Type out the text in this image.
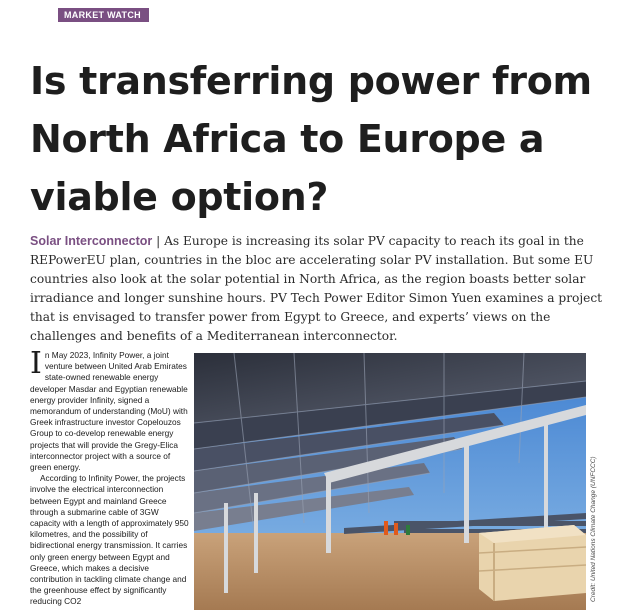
MARKET WATCH
Is transferring power from North Africa to Europe a viable option?

Solar Interconnector | As Europe is increasing its solar PV capacity to reach its goal in the REPowerEU plan, countries in the bloc are accelerating solar PV installation. But some EU countries also look at the solar potential in North Africa, as the region boasts better solar irradiance and longer sunshine hours. PV Tech Power Editor Simon Yuen examines a project that is envisaged to transfer power from Egypt to Greece, and experts’ views on the challenges and benefits of a Mediterranean interconnector.

In May 2023, Infinity Power, a joint venture between United Arab Emirates state-owned renewable energy developer Masdar and Egyptian renewable energy provider Infinity, signed a memorandum of understanding (MoU) with Greek infrastructure investor Copelouzos Group to co-develop renewable energy projects that will provide the Gregy-Elica interconnector project with a source of green energy.

According to Infinity Power, the projects involve the electrical interconnection between Egypt and mainland Greece through a submarine cable of 3GW capacity with a length of approximately 950 kilometres, and the possibility of bidirectional energy transmission. It carries only green energy between Egypt and Greece, which makes a decisive contribution in tackling climate change and the greenhouse effect by significantly reducing CO2	Credit: United Nations Climate Change (UNFCCC)
